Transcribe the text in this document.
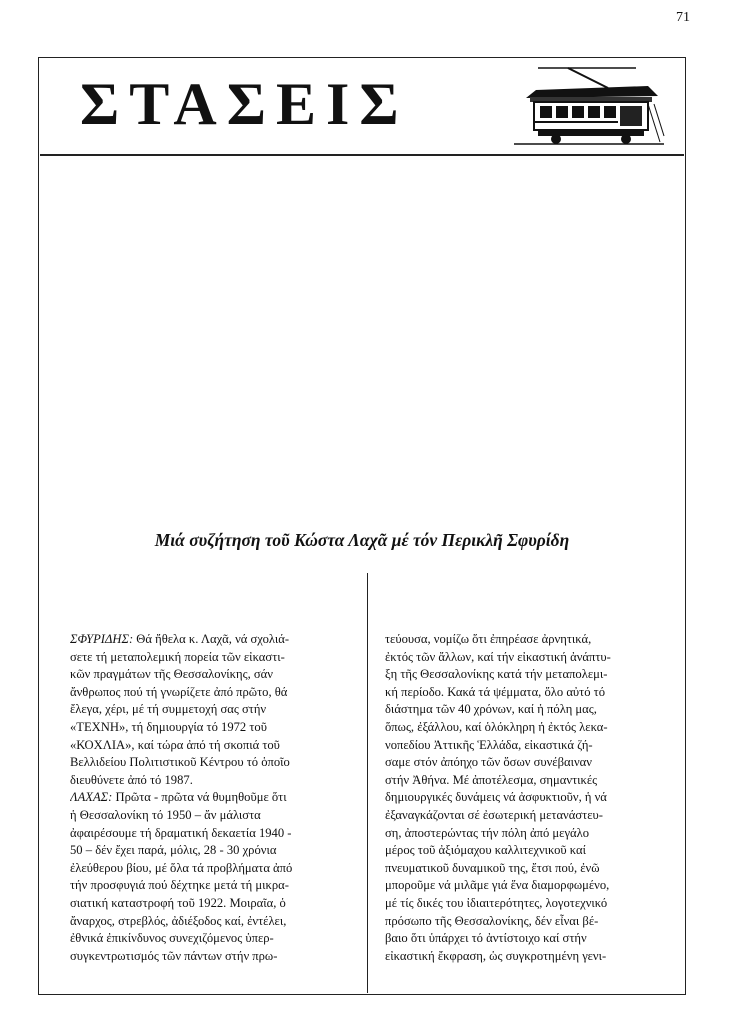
71
ΣΤΑΣΕΙΣ
Μιά συζήτηση τοῦ Κώστα Λαχᾶ μέ τόν Περικλῆ Σφυρίδη
ΣΦΥΡΙΔΗΣ: Θά ἤθελα κ. Λαχᾶ, νά σχολιά-
σετε τή μεταπολεμική πορεία τῶν εἰκαστι-
κῶν πραγμάτων τῆς Θεσσαλονίκης, σάν
ἄνθρωπος πού τή γνωρίζετε ἀπό πρῶτο, θά
ἔλεγα, χέρι, μέ τή συμμετοχή σας στήν
«ΤΕΧΝΗ», τή δημιουργία τό 1972 τοῦ
«ΚΟΧΛΙΑ», καί τώρα ἀπό τή σκοπιά τοῦ
Βελλιδείου Πολιτιστικοῦ Κέντρου τό ὁποῖο
διευθύνετε ἀπό τό 1987.
ΛΑΧΑΣ: Πρῶτα - πρῶτα νά θυμηθοῦμε ὅτι
ἡ Θεσσαλονίκη τό 1950 – ἄν μάλιστα
ἀφαιρέσουμε τή δραματική δεκαετία 1940 -
50 – δέν ἔχει παρά, μόλις, 28 - 30 χρόνια
ἐλεύθερου βίου, μέ ὅλα τά προβλήματα ἀπό
τήν προσφυγιά πού δέχτηκε μετά τή μικρα-
σιατική καταστροφή τοῦ 1922. Μοιραῖα, ὁ
ἄναρχος, στρεβλός, ἀδιέξοδος καί, ἐντέλει,
ἐθνικά ἐπικίνδυνος συνεχιζόμενος ὑπερ-
συγκεντρωτισμός τῶν πάντων στήν πρω-
τεύουσα, νομίζω ὅτι ἐπηρέασε ἀρνητικά,
ἐκτός τῶν ἄλλων, καί τήν εἰκαστική ἀνάπτυ-
ξη τῆς Θεσσαλονίκης κατά τήν μεταπολεμι-
κή περίοδο. Κακά τά ψέμματα, ὅλο αὐτό τό
διάστημα τῶν 40 χρόνων, καί ἡ πόλη μας,
ὅπως, ἐξάλλου, καί ὁλόκληρη ἡ ἐκτός λεκα-
νοπεδίου Ἀττικῆς Ἑλλάδα, εἰκαστικά ζή-
σαμε στόν ἀπόηχο τῶν ὅσων συνέβαιναν
στήν Ἀθήνα. Μέ ἀποτέλεσμα, σημαντικές
δημιουργικές δυνάμεις νά ἀσφυκτιοῦν, ἡ νά
ἐξαναγκάζονται σέ ἐσωτερική μετανάστευ-
ση, ἀποστερώντας τήν πόλη ἀπό μεγάλο
μέρος τοῦ ἀξιόμαχου καλλιτεχνικοῦ καί
πνευματικοῦ δυναμικοῦ της, ἔτσι πού, ἐνῶ
μποροῦμε νά μιλᾶμε γιά ἕνα διαμορφωμένο,
μέ τίς δικές του ἰδιαιτερότητες, λογοτεχνικό
πρόσωπο τῆς Θεσσαλονίκης, δέν εἶναι βέ-
βαιο ὅτι ὑπάρχει τό ἀντίστοιχο καί στήν
εἰκαστική ἔκφραση, ὡς συγκροτημένη γενι-
